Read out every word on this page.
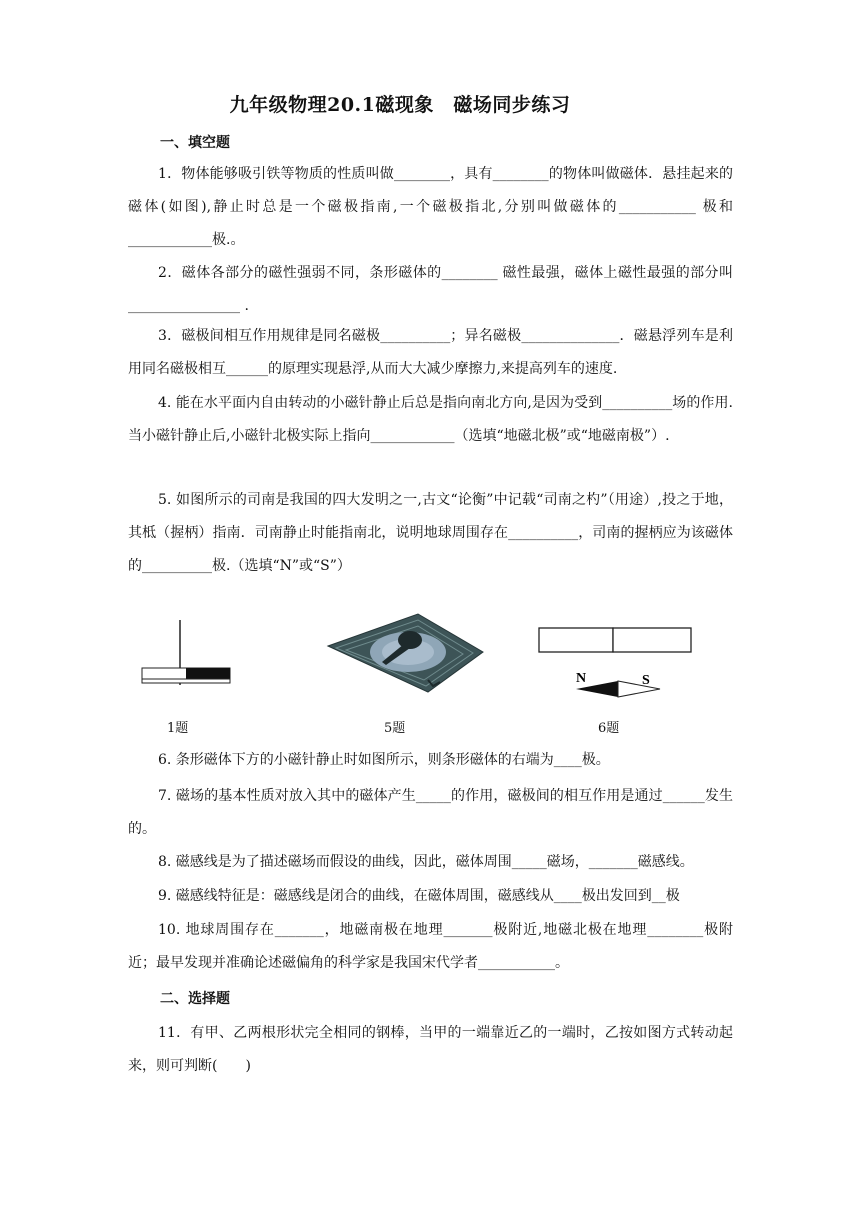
九年级物理20.1磁现象　磁场同步练习
一、填空题
1．物体能够吸引铁等物质的性质叫做________，具有________的物体叫做磁体．悬挂起来的磁体(如图),静止时总是一个磁极指南,一个磁极指北,分别叫做磁体的___________ 极和____________极.。
2．磁体各部分的磁性强弱不同，条形磁体的________ 磁性最强，磁体上磁性最强的部分叫________________ .
3．磁极间相互作用规律是同名磁极__________；异名磁极______________．磁悬浮列车是利用同名磁极相互______的原理实现悬浮,从而大大减少摩擦力,来提高列车的速度.
4. 能在水平面内自由转动的小磁针静止后总是指向南北方向,是因为受到__________场的作用.当小磁针静止后,小磁针北极实际上指向____________（选填“地磁北极”或“地磁南极”）.
5. 如图所示的司南是我国的四大发明之一,古文“论衡”中记载“司南之杓”（用途）,投之于地，其柢（握柄）指南．司南静止时能指南北，说明地球周围存在__________，司南的握柄应为该磁体的__________极.（选填“N”或“S”）
N	S
1题	5题	6题
6. 条形磁体下方的小磁针静止时如图所示，则条形磁体的右端为____极。
7. 磁场的基本性质对放入其中的磁体产生_____的作用，磁极间的相互作用是通过______发生的。
8. 磁感线是为了描述磁场而假设的曲线，因此，磁体周围_____磁场，_______磁感线。
9. 磁感线特征是：磁感线是闭合的曲线，在磁体周围，磁感线从____极出发回到__极
10. 地球周围存在_______，地磁南极在地理_______极附近,地磁北极在地理________极附近；最早发现并准确论述磁偏角的科学家是我国宋代学者___________。
二、选择题
11．有甲、乙两根形状完全相同的钢棒，当甲的一端靠近乙的一端时，乙按如图方式转动起来，则可判断(　　)
